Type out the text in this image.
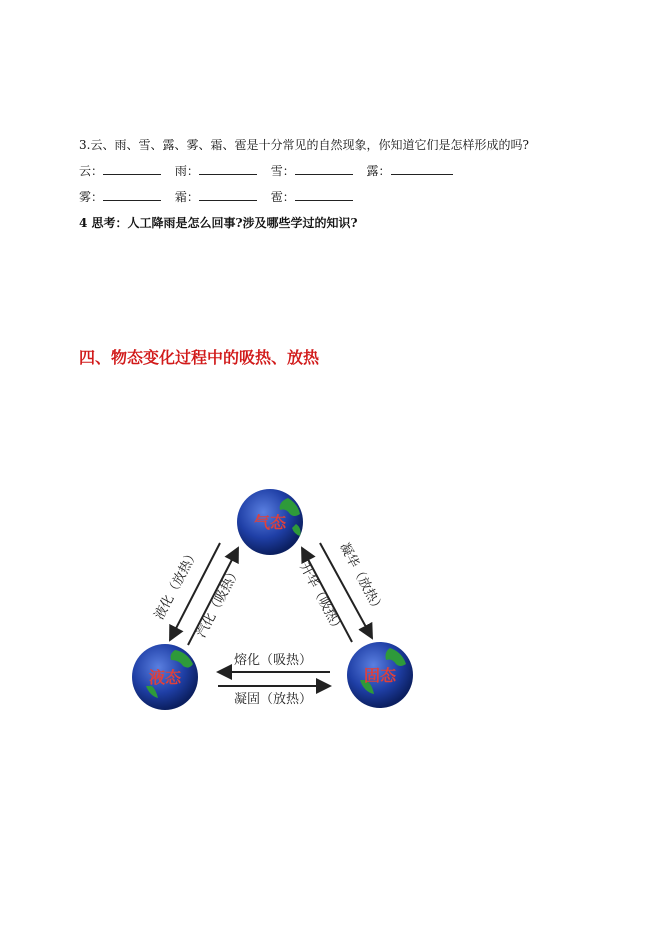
3.云、雨、雪、露、雾、霜、雹是十分常见的自然现象，你知道它们是怎样形成的吗?
云：	雨：	雪：	露：
雾：	霜：	雹：
4 思考：人工降雨是怎么回事?涉及哪些学过的知识?
四、物态变化过程中的吸热、放热
气态
液态	固态
液化（放热）
汽化（吸热）	凝华（放热）
升华（吸热）
熔化（吸热）
凝固（放热）
